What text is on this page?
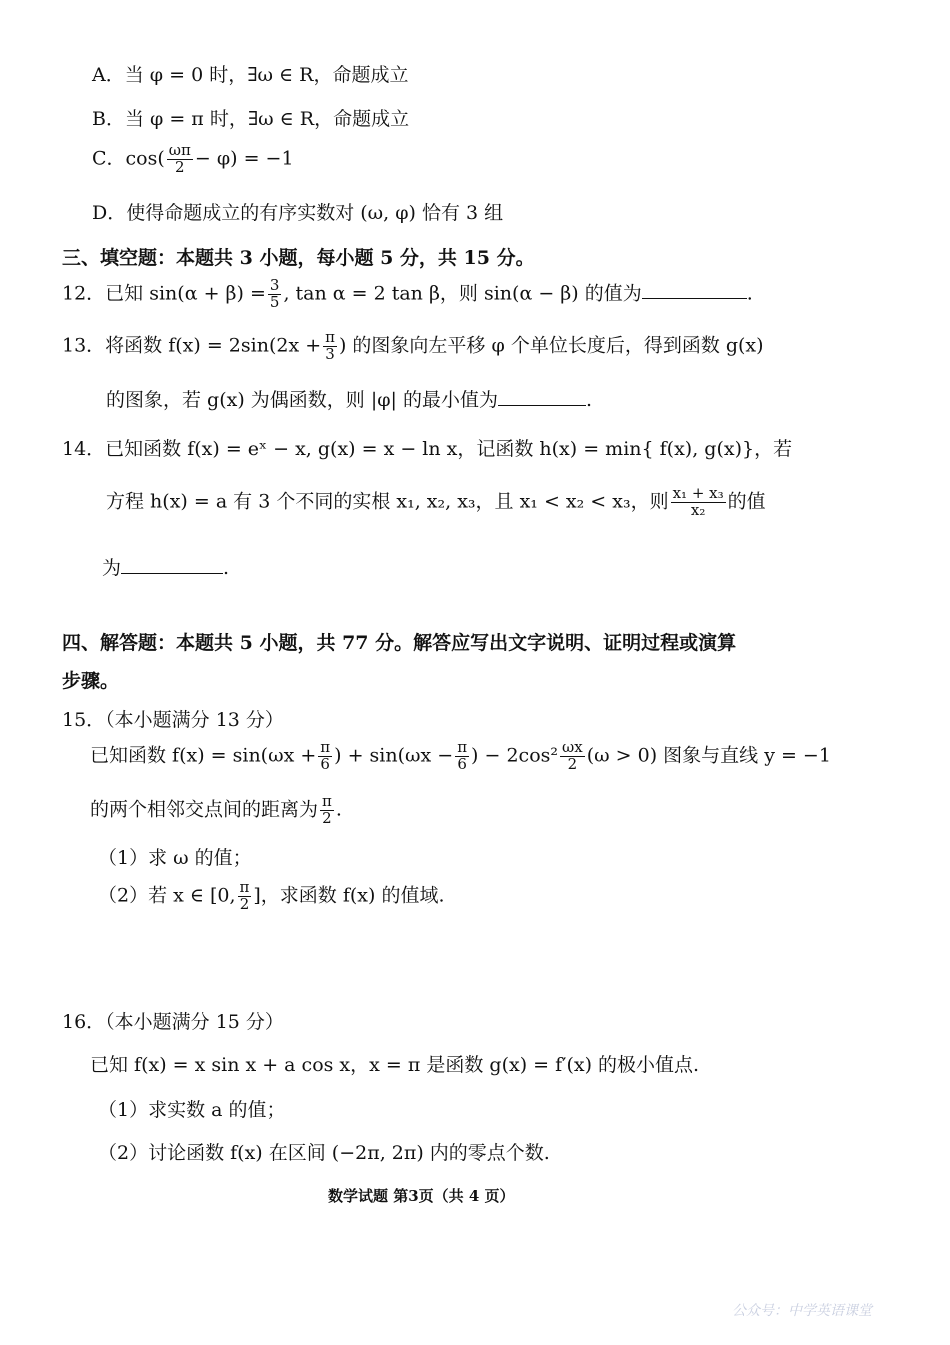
A．当 φ = 0 时，∃ω ∈ R，命题成立
B．当 φ = π 时，∃ω ∈ R，命题成立
C．$\cos( \frac{\omega\pi}{2} - \varphi) = -1$
D．使得命题成立的有序实数对 (ω, φ) 恰有 3 组
三、填空题：本题共 3 小题，每小题 5 分，共 15 分。
12．已知 $\sin(\alpha + \beta) = \frac{3}{5}$ , tan α = 2 tan β，则 sin(α − β) 的值为	.
13．将函数 $f(x) = 2\sin(2x + \frac{\pi}{3}$ ) 的图象向左平移 φ 个单位长度后，得到函数 g(x)
的图象，若 g(x) 为偶函数，则 |φ| 的最小值为	.
14．已知函数 f(x) = eˣ − x, g(x) = x − ln x，记函数 h(x) = min{ f(x), g(x)}，若
方程 h(x) = a 有 3 个不同的实根 x₁, x₂, x₃，且 x₁ < x₂ < x₃，则 $\frac{\text{x₁ + x₃}}{\text{x₂}}$ 的值
为	.
四、解答题：本题共 5 小题，共 77 分。解答应写出文字说明、证明过程或演算
步骤。
15．（本小题满分 13 分）
已知函数 $f(x) = \sin(\omega x + \frac{\pi}{6}$ ) + $\sin(\omega x - \frac{\pi}{6}$ ) − $2\cos^2 \frac{\omega x}{2} (\omega > 0)$ 图象与直线 y = −1
的两个相邻交点间的距离为 $\frac{\pi}{2}$ .
（1）求 ω 的值；
（2）若 x ∈ [0, $\frac{\pi}{2}$ ]，求函数 f(x) 的值域.
16．（本小题满分 15 分）
已知 f(x) = x sin x + a cos x，x = π 是函数 g(x) = f′(x) 的极小值点.
（1）求实数 a 的值；
（2）讨论函数 f(x) 在区间 (−2π, 2π) 内的零点个数.
数学试题 第3页（共 4 页）
公众号：中学英语课堂
